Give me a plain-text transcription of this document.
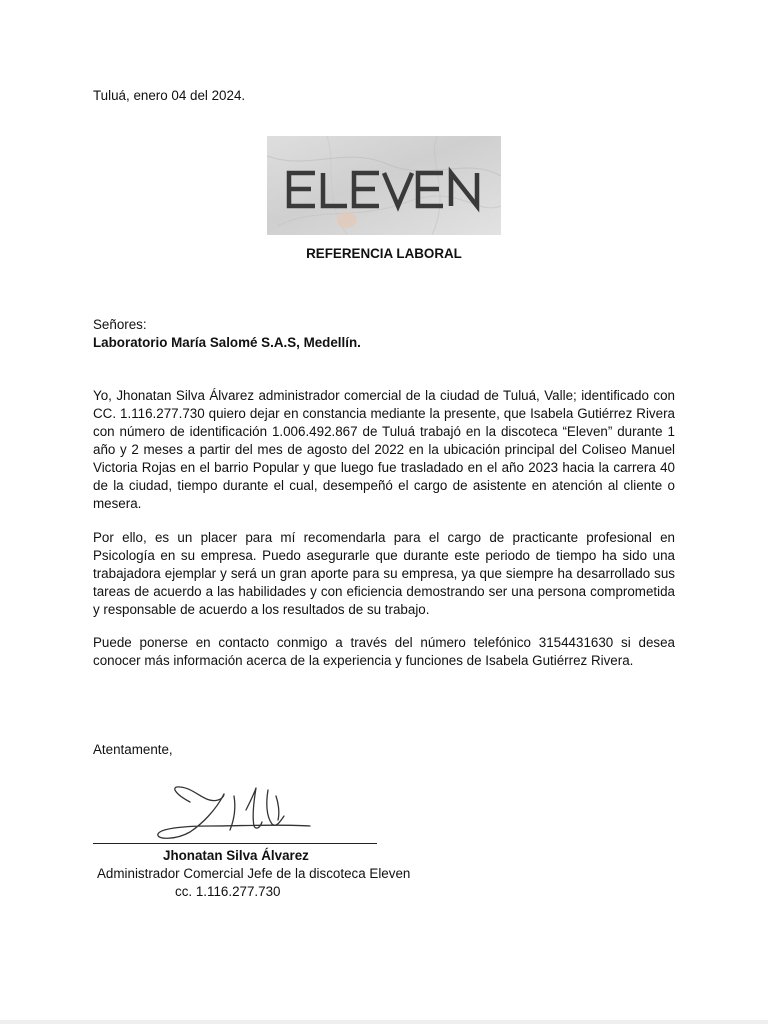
Tuluá, enero 04 del 2024.
REFERENCIA LABORAL
Señores:
Laboratorio María Salomé S.A.S, Medellín.

Yo, Jhonatan Silva Álvarez administrador comercial de la ciudad de Tuluá, Valle; identificado con CC. 1.116.277.730 quiero dejar en constancia mediante la presente, que Isabela Gutiérrez Rivera con número de identificación 1.006.492.867 de Tuluá trabajó en la discoteca “Eleven” durante 1 año y 2 meses a partir del mes de agosto del 2022 en la ubicación principal del Coliseo Manuel Victoria Rojas en el barrio Popular y que luego fue trasladado en el año 2023 hacia la carrera 40 de la ciudad, tiempo durante el cual, desempeñó el cargo de asistente en atención al cliente o mesera.

Por ello, es un placer para mí recomendarla para el cargo de practicante profesional en Psicología en su empresa. Puedo asegurarle que durante este periodo de tiempo ha sido una trabajadora ejemplar y será un gran aporte para su empresa, ya que siempre ha desarrollado sus tareas de acuerdo a las habilidades y con eficiencia demostrando ser una persona comprometida y responsable de acuerdo a los resultados de su trabajo.

Puede ponerse en contacto conmigo a través del número telefónico 3154431630 si desea conocer más información acerca de la experiencia y funciones de Isabela Gutiérrez Rivera.

Atentamente,
Jhonatan Silva Álvarez
Administrador Comercial Jefe de la discoteca Eleven
cc. 1.116.277.730
